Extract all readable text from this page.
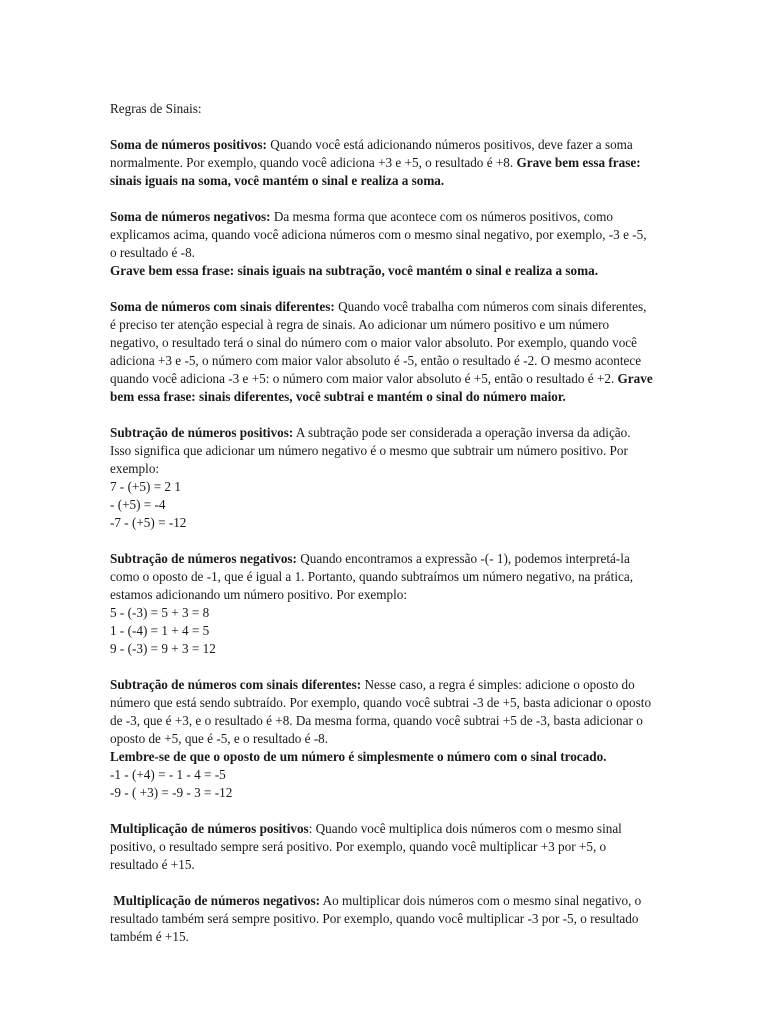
Regras de Sinais:
Soma de números positivos: Quando você está adicionando números positivos, deve fazer a soma
normalmente. Por exemplo, quando você adiciona +3 e +5, o resultado é +8. Grave bem essa frase:
sinais iguais na soma, você mantém o sinal e realiza a soma.
Soma de números negativos: Da mesma forma que acontece com os números positivos, como
explicamos acima, quando você adiciona números com o mesmo sinal negativo, por exemplo, -3 e -5,
o resultado é -8.
Grave bem essa frase: sinais iguais na subtração, você mantém o sinal e realiza a soma.
Soma de números com sinais diferentes: Quando você trabalha com números com sinais diferentes,
é preciso ter atenção especial à regra de sinais. Ao adicionar um número positivo e um número
negativo, o resultado terá o sinal do número com o maior valor absoluto. Por exemplo, quando você
adiciona +3 e -5, o número com maior valor absoluto é -5, então o resultado é -2. O mesmo acontece
quando você adiciona -3 e +5: o número com maior valor absoluto é +5, então o resultado é +2. Grave
bem essa frase: sinais diferentes, você subtrai e mantém o sinal do número maior.
Subtração de números positivos: A subtração pode ser considerada a operação inversa da adição.
Isso significa que adicionar um número negativo é o mesmo que subtrair um número positivo. Por
exemplo:
7 - (+5) = 2 1
- (+5) = -4
-7 - (+5) = -12
Subtração de números negativos: Quando encontramos a expressão -(- 1), podemos interpretá-la
como o oposto de -1, que é igual a 1. Portanto, quando subtraímos um número negativo, na prática,
estamos adicionando um número positivo. Por exemplo:
5 - (-3) = 5 + 3 = 8
1 - (-4) = 1 + 4 = 5
9 - (-3) = 9 + 3 = 12
Subtração de números com sinais diferentes: Nesse caso, a regra é simples: adicione o oposto do
número que está sendo subtraído. Por exemplo, quando você subtrai -3 de +5, basta adicionar o oposto
de -3, que é +3, e o resultado é +8. Da mesma forma, quando você subtrai +5 de -3, basta adicionar o
oposto de +5, que é -5, e o resultado é -8.
Lembre-se de que o oposto de um número é simplesmente o número com o sinal trocado.
-1 - (+4) = - 1 - 4 = -5
-9 - ( +3) = -9 - 3 = -12
Multiplicação de números positivos: Quando você multiplica dois números com o mesmo sinal
positivo, o resultado sempre será positivo. Por exemplo, quando você multiplicar +3 por +5, o
resultado é +15.
Multiplicação de números negativos: Ao multiplicar dois números com o mesmo sinal negativo, o
resultado também será sempre positivo. Por exemplo, quando você multiplicar -3 por -5, o resultado
também é +15.
